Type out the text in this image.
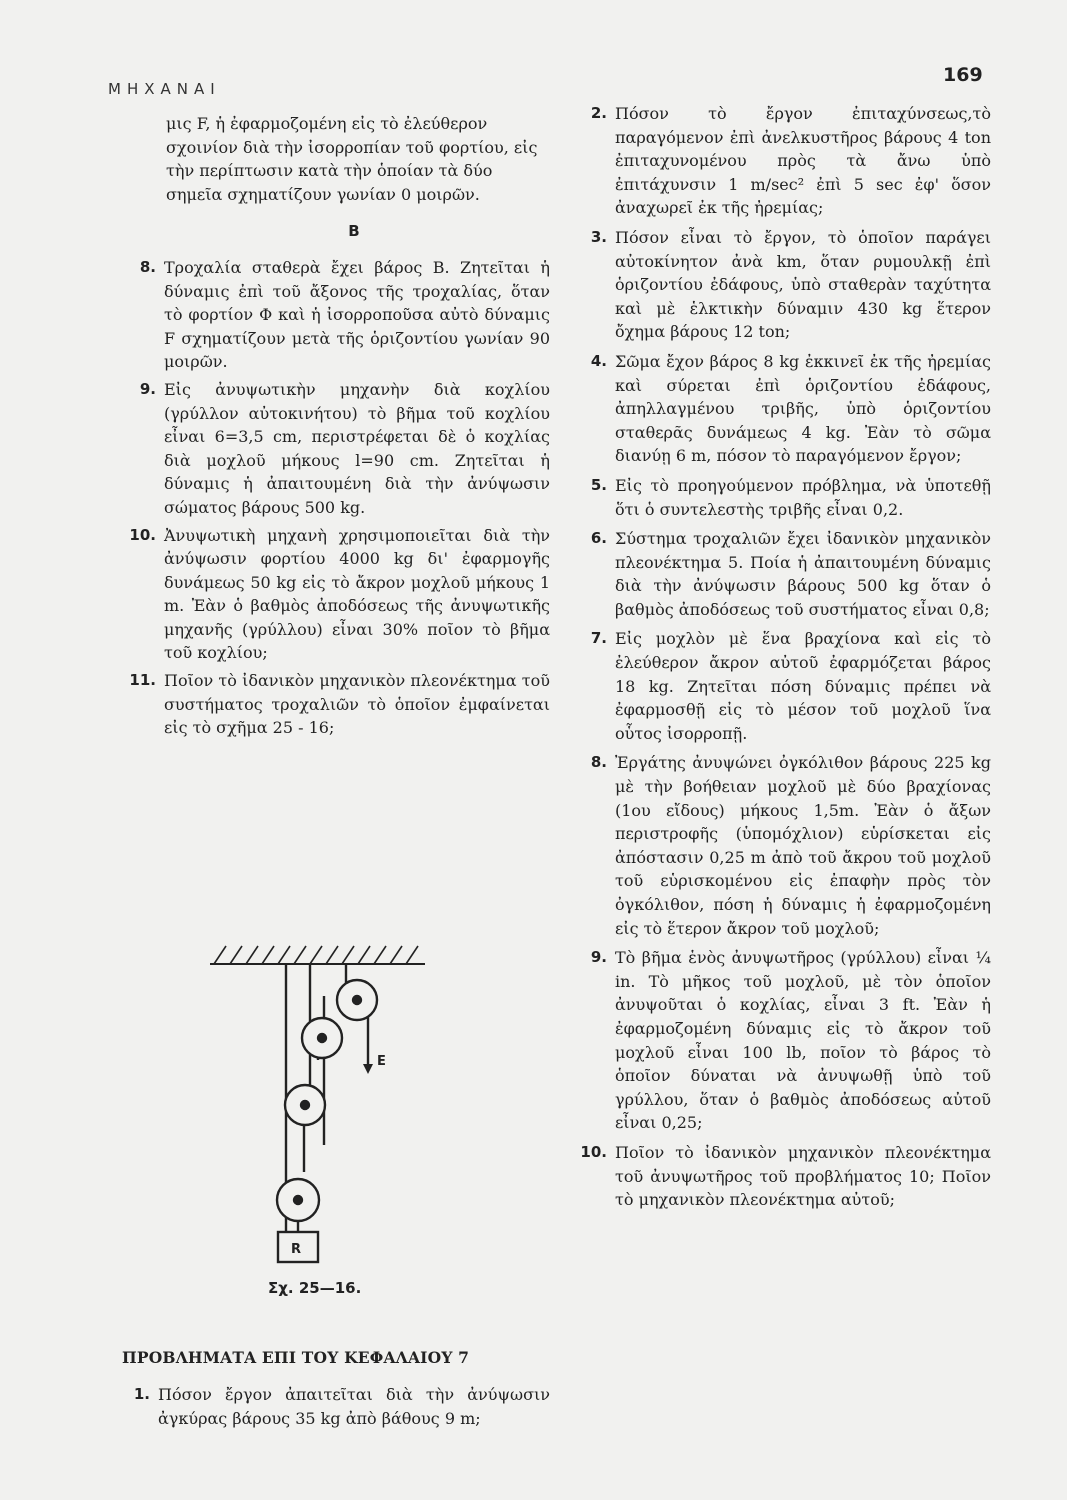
ΜΗΧΑΝΑΙ
169
μις F, ἡ ἐφαρμοζομένη εἰς τὸ ἐλεύθερον σχοινίον διὰ τὴν ἰσορροπίαν τοῦ φορτίου, εἰς τὴν περίπτωσιν κατὰ τὴν ὁποίαν τὰ δύο σημεῖα σχηματίζουν γωνίαν 0 μοιρῶν.
Β
8. Τροχαλία σταθερὰ ἔχει βάρος Β. Ζητεῖται ἡ δύναμις ἐπὶ τοῦ ἄξονος τῆς τροχαλίας, ὅταν τὸ φορτίον Φ καὶ ἡ ἰσορροποῦσα αὐτὸ δύναμις F σχηματίζουν μετὰ τῆς ὁριζοντίου γωνίαν 90 μοιρῶν.
9. Εἰς ἀνυψωτικὴν μηχανὴν διὰ κοχλίου (γρύλλον αὐτοκινήτου) τὸ βῆμα τοῦ κοχλίου εἶναι 6=3,5 cm, περιστρέφεται δὲ ὁ κοχλίας διὰ μοχλοῦ μήκους l=90 cm. Ζητεῖται ἡ δύναμις ἡ ἀπαιτουμένη διὰ τὴν ἀνύψωσιν σώματος βάρους 500 kg.
10. Ἀνυψωτικὴ μηχανὴ χρησιμοποιεῖται διὰ τὴν ἀνύψωσιν φορτίου 4000 kg δι' ἐφαρμογῆς δυνάμεως 50 kg εἰς τὸ ἄκρον μοχλοῦ μήκους 1 m. Ἐὰν ὁ βαθμὸς ἀποδόσεως τῆς ἀνυψωτικῆς μηχανῆς (γρύλλου) εἶναι 30% ποῖον τὸ βῆμα τοῦ κοχλίου;
11. Ποῖον τὸ ἰδανικὸν μηχανικὸν πλεονέκτημα τοῦ συστήματος τροχαλιῶν τὸ ὁποῖον ἐμφαίνεται εἰς τὸ σχῆμα 25 - 16;
E
R
Σχ. 25—16.
ΠΡΟΒΛΗΜΑΤΑ ΕΠΙ ΤΟΥ ΚΕΦΑΛΑΙΟΥ 7
1. Πόσον ἔργον ἀπαιτεῖται διὰ τὴν ἀνύψωσιν ἀγκύρας βάρους 35 kg ἀπὸ βάθους 9 m;
2. Πόσον τὸ ἔργον ἐπιταχύνσεως,τὸ παραγόμενον ἐπὶ ἀνελκυστῆρος βάρους 4 ton ἐπιταχυνομένου πρὸς τὰ ἄνω ὑπὸ ἐπιτάχυνσιν 1 m/sec² ἐπὶ 5 sec ἐφ' ὅσον ἀναχωρεῖ ἐκ τῆς ἠρεμίας;
3. Πόσον εἶναι τὸ ἔργον, τὸ ὁποῖον παράγει αὐτοκίνητον ἀνὰ km, ὅταν ρυμουλκῇ ἐπὶ ὁριζοντίου ἐδάφους, ὑπὸ σταθερὰν ταχύτητα καὶ μὲ ἑλκτικὴν δύναμιν 430 kg ἕτερον ὄχημα βάρους 12 ton;
4. Σῶμα ἔχον βάρος 8 kg ἐκκινεῖ ἐκ τῆς ἠρεμίας καὶ σύρεται ἐπὶ ὁριζοντίου ἐδάφους, ἀπηλλαγμένου τριβῆς, ὑπὸ ὁριζοντίου σταθερᾶς δυνάμεως 4 kg. Ἐὰν τὸ σῶμα διανύῃ 6 m, πόσον τὸ παραγόμενον ἔργον;
5. Εἰς τὸ προηγούμενον πρόβλημα, νὰ ὑποτεθῇ ὅτι ὁ συντελεστὴς τριβῆς εἶναι 0,2.
6. Σύστημα τροχαλιῶν ἔχει ἰδανικὸν μηχανικὸν πλεονέκτημα 5. Ποία ἡ ἀπαιτουμένη δύναμις διὰ τὴν ἀνύψωσιν βάρους 500 kg ὅταν ὁ βαθμὸς ἀποδόσεως τοῦ συστήματος εἶναι 0,8;
7. Εἰς μοχλὸν μὲ ἕνα βραχίονα καὶ εἰς τὸ ἐλεύθερον ἄκρον αὐτοῦ ἐφαρμόζεται βάρος 18 kg. Ζητεῖται πόση δύναμις πρέπει νὰ ἐφαρμοσθῇ εἰς τὸ μέσον τοῦ μοχλοῦ ἵνα οὗτος ἰσορροπῇ.
8. Ἐργάτης ἀνυψώνει ὀγκόλιθον βάρους 225 kg μὲ τὴν βοήθειαν μοχλοῦ μὲ δύο βραχίονας (1ου εἴδους) μήκους 1,5m. Ἐὰν ὁ ἄξων περιστροφῆς (ὑπομόχλιον) εὑρίσκεται εἰς ἀπόστασιν 0,25 m ἀπὸ τοῦ ἄκρου τοῦ μοχλοῦ τοῦ εὑρισκομένου εἰς ἐπαφὴν πρὸς τὸν ὀγκόλιθον, πόση ἡ δύναμις ἡ ἐφαρμοζομένη εἰς τὸ ἕτερον ἄκρον τοῦ μοχλοῦ;
9. Τὸ βῆμα ἑνὸς ἀνυψωτῆρος (γρύλλου) εἶναι ¼ in. Τὸ μῆκος τοῦ μοχλοῦ, μὲ τὸν ὁποῖον ἀνυψοῦται ὁ κοχλίας, εἶναι 3 ft. Ἐὰν ἡ ἐφαρμοζομένη δύναμις εἰς τὸ ἄκρον τοῦ μοχλοῦ εἶναι 100 lb, ποῖον τὸ βάρος τὸ ὁποῖον δύναται νὰ ἀνυψωθῇ ὑπὸ τοῦ γρύλλου, ὅταν ὁ βαθμὸς ἀποδόσεως αὐτοῦ εἶναι 0,25;
10. Ποῖον τὸ ἰδανικὸν μηχανικὸν πλεονέκτημα τοῦ ἀνυψωτῆρος τοῦ προβλήματος 10; Ποῖον τὸ μηχανικὸν πλεονέκτημα αὐτοῦ;
